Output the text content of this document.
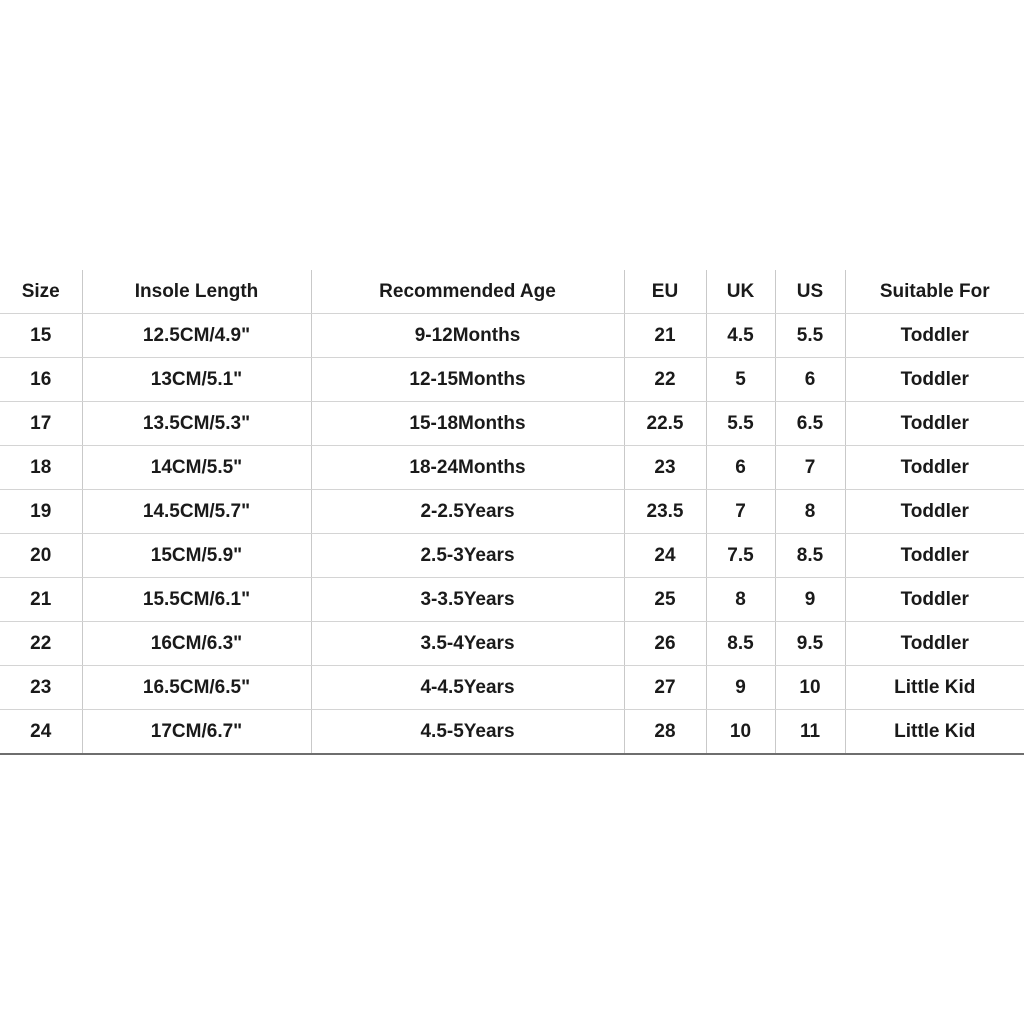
Size	Insole Length	Recommended Age	EU	UK	US	Suitable For
15	12.5CM/4.9"	9-12Months	21	4.5	5.5	Toddler
16	13CM/5.1"	12-15Months	22	5	6	Toddler
17	13.5CM/5.3"	15-18Months	22.5	5.5	6.5	Toddler
18	14CM/5.5"	18-24Months	23	6	7	Toddler
19	14.5CM/5.7"	2-2.5Years	23.5	7	8	Toddler
20	15CM/5.9"	2.5-3Years	24	7.5	8.5	Toddler
21	15.5CM/6.1"	3-3.5Years	25	8	9	Toddler
22	16CM/6.3"	3.5-4Years	26	8.5	9.5	Toddler
23	16.5CM/6.5"	4-4.5Years	27	9	10	Little Kid
24	17CM/6.7"	4.5-5Years	28	10	11	Little Kid
